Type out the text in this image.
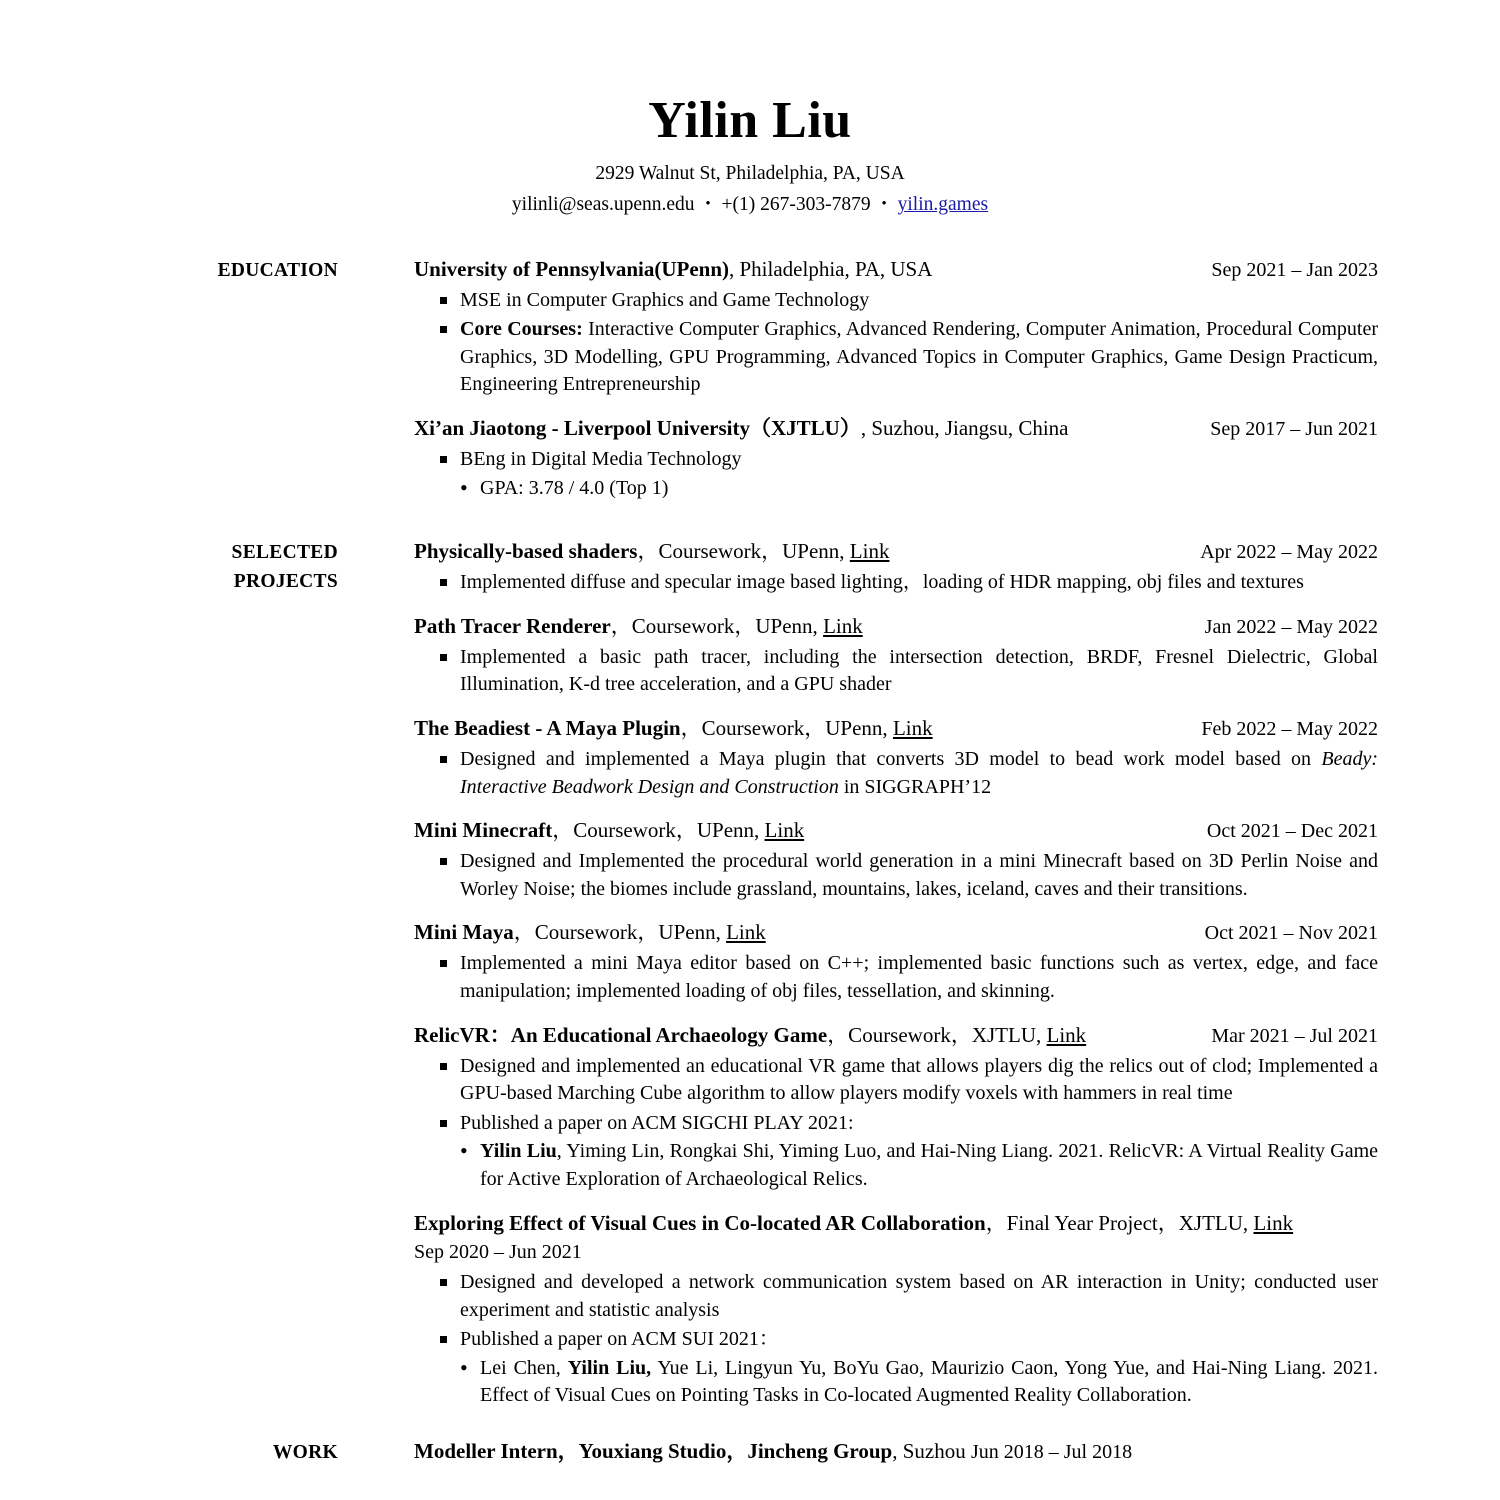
Yilin Liu
2929 Walnut St, Philadelphia, PA, USA
yilinli@seas.upenn.edu • +(1) 267-303-7879 • yilin.games
EDUCATION	University of Pennsylvania(UPenn), Philadelphia, PA, USA	Sep 2021 – Jan 2023
MSE in Computer Graphics and Game Technology
Core Courses: Interactive Computer Graphics, Advanced Rendering, Computer Animation, Procedural Computer Graphics, 3D Modelling, GPU Programming, Advanced Topics in Computer Graphics, Game Design Practicum, Engineering Entrepreneurship
Xi’an Jiaotong - Liverpool University（XJTLU）, Suzhou, Jiangsu, China	Sep 2017 – Jun 2021
BEng in Digital Media Technology
• GPA: 3.78 / 4.0 (Top 1)
SELECTED
PROJECTS
Physically-based shaders，Coursework，UPenn, Link	Apr 2022 – May 2022
Implemented diffuse and specular image based lighting，loading of HDR mapping, obj files and textures
Path Tracer Renderer，Coursework，UPenn, Link	Jan 2022 – May 2022
Implemented a basic path tracer, including the intersection detection, BRDF, Fresnel Dielectric, Global Illumination, K-d tree acceleration, and a GPU shader
The Beadiest - A Maya Plugin，Coursework，UPenn, Link	Feb 2022 – May 2022
Designed and implemented a Maya plugin that converts 3D model to bead work model based on Beady: Interactive Beadwork Design and Construction in SIGGRAPH’12
Mini Minecraft，Coursework，UPenn, Link	Oct 2021 – Dec 2021
Designed and Implemented the procedural world generation in a mini Minecraft based on 3D Perlin Noise and Worley Noise; the biomes include grassland, mountains, lakes, iceland, caves and their transitions.
Mini Maya，Coursework，UPenn, Link	Oct 2021 – Nov 2021
Implemented a mini Maya editor based on C++; implemented basic functions such as vertex, edge, and face manipulation; implemented loading of obj files, tessellation, and skinning.
RelicVR：An Educational Archaeology Game，Coursework，XJTLU, Link	Mar 2021 – Jul 2021
Designed and implemented an educational VR game that allows players dig the relics out of clod; Implemented a GPU-based Marching Cube algorithm to allow players modify voxels with hammers in real time
Published a paper on ACM SIGCHI PLAY 2021:
• Yilin Liu, Yiming Lin, Rongkai Shi, Yiming Luo, and Hai-Ning Liang. 2021. RelicVR: A Virtual Reality Game for Active Exploration of Archaeological Relics.
Exploring Effect of Visual Cues in Co-located AR Collaboration，Final Year Project，XJTLU, Link
Sep 2020 – Jun 2021
Designed and developed a network communication system based on AR interaction in Unity; conducted user experiment and statistic analysis
Published a paper on ACM SUI 2021：
• Lei Chen, Yilin Liu, Yue Li, Lingyun Yu, BoYu Gao, Maurizio Caon, Yong Yue, and Hai-Ning Liang. 2021. Effect of Visual Cues on Pointing Tasks in Co-located Augmented Reality Collaboration.
WORK	Modeller Intern，Youxiang Studio，Jincheng Group, Suzhou Jun 2018 – Jul 2018
